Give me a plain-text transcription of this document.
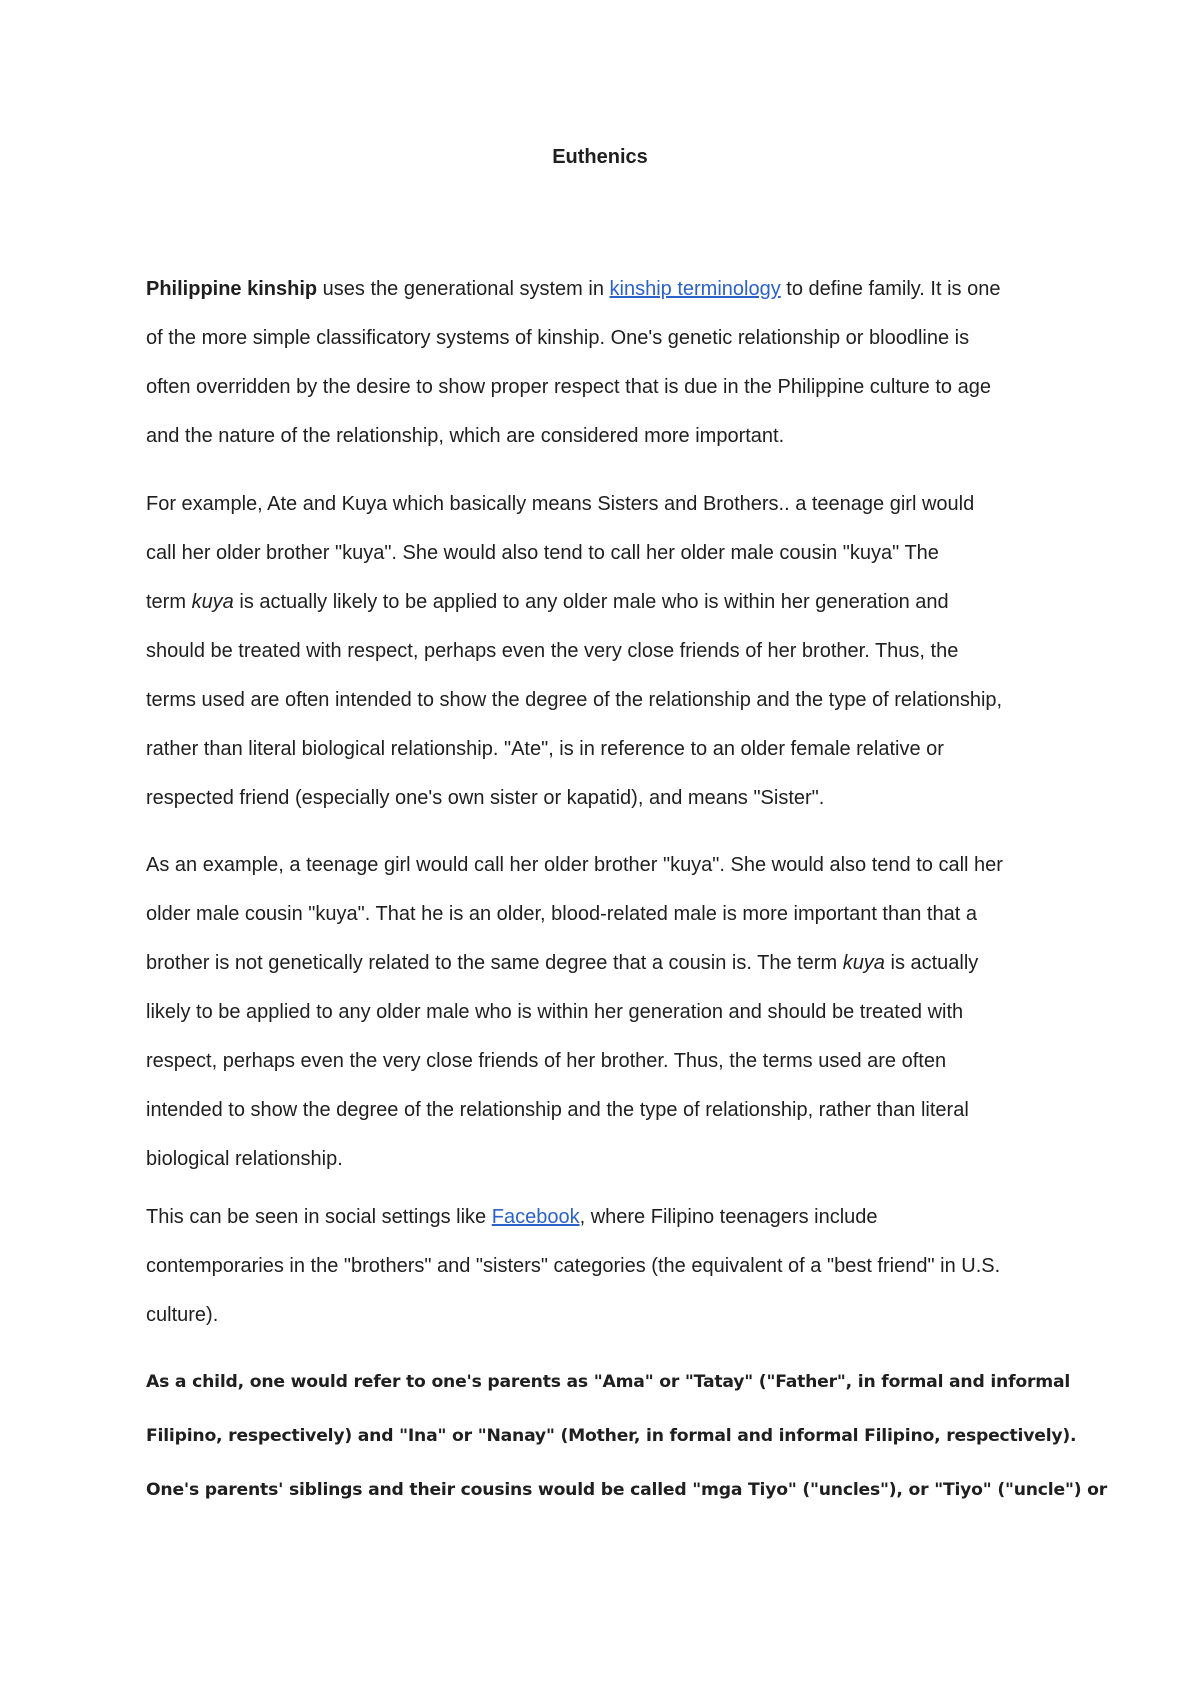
Euthenics
Philippine kinship uses the generational system in kinship terminology to define family. It is one
of the more simple classificatory systems of kinship. One's genetic relationship or bloodline is
often overridden by the desire to show proper respect that is due in the Philippine culture to age
and the nature of the relationship, which are considered more important.
For example, Ate and Kuya which basically means Sisters and Brothers.. a teenage girl would
call her older brother "kuya". She would also tend to call her older male cousin "kuya" The
term kuya is actually likely to be applied to any older male who is within her generation and
should be treated with respect, perhaps even the very close friends of her brother. Thus, the
terms used are often intended to show the degree of the relationship and the type of relationship,
rather than literal biological relationship. "Ate", is in reference to an older female relative or
respected friend (especially one's own sister or kapatid), and means "Sister".
As an example, a teenage girl would call her older brother "kuya". She would also tend to call her
older male cousin "kuya". That he is an older, blood-related male is more important than that a
brother is not genetically related to the same degree that a cousin is. The term kuya is actually
likely to be applied to any older male who is within her generation and should be treated with
respect, perhaps even the very close friends of her brother. Thus, the terms used are often
intended to show the degree of the relationship and the type of relationship, rather than literal
biological relationship.
This can be seen in social settings like Facebook, where Filipino teenagers include
contemporaries in the "brothers" and "sisters" categories (the equivalent of a "best friend" in U.S.
culture).
As a child, one would refer to one's parents as "Ama" or "Tatay" ("Father", in formal and informal
Filipino, respectively) and "Ina" or "Nanay" (Mother, in formal and informal Filipino, respectively).
One's parents' siblings and their cousins would be called "mga Tiyo" ("uncles"), or "Tiyo" ("uncle") or
